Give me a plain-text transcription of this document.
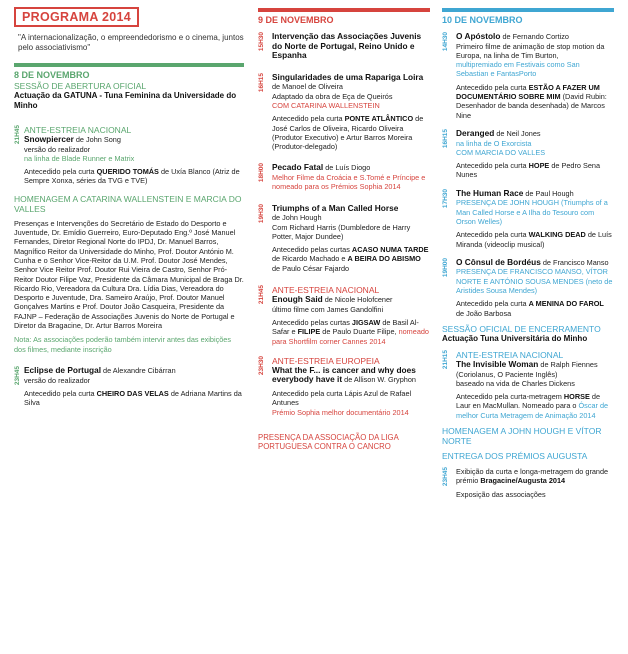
PROGRAMA 2014
"A internacionalização, o empreendedorismo e o cinema, juntos pelo associativismo"
8 DE NOVEMBRO
SESSÃO DE ABERTURA OFICIAL
Actuação da GATUNA - Tuna Feminina da Universidade do Minho
21H45 ANTE-ESTREIA NACIONAL
Snowpiercer de John Song
versão do realizador
na linha de Blade Runner e Matrix
Antecedido pela curta QUERIDO TOMÁS de Uxía Blanco (Atriz de Sempre Xonxa, séries da TVG e TVE)
HOMENAGEM A CATARINA WALLENSTEIN E MARCIA DO VALLES
Presenças e Intervenções do Secretário de Estado do Desporto e Juventude, Dr. Emídio Guerreiro, Euro-Deputado Eng.º José Manuel Fernandes, Diretor Regional Norte do IPDJ, Dr. Manuel Barros, Magnífico Reitor da Universidade do Minho, Prof. Doutor António M. Cunha e o Senhor Vice-Reitor da U.M. Prof. Doutor José Mendes, Senhor Vice Reitor Prof. Doutor Rui Vieira de Castro, Senhor Pró-Reitor Doutor Filipe Vaz, Presidente da Câmara Municipal de Braga Dr. Ricardo Rio, Vereadora da Cultura Dra. Lídia Dias, Vereadora do Desporto e Juventude, Dra. Sameiro Araújo, Prof. Doutor Manuel Gonçalves Martins e Prof. Doutor João Casqueira, Presidente da FAJNP – Federação de Associações Juvenis do Norte de Portugal e Diretor da Bragacine, Dr. Artur Barros Moreira
Nota: As associações poderão também intervir antes das exibições dos filmes, mediante inscrição
23H45 Eclipse de Portugal de Alexandre Cibárran
versão do realizador
Antecedido pela curta CHEIRO DAS VELAS de Adriana Martins da Silva
9 DE NOVEMBRO
15H30 Intervenção das Associações Juvenis do Norte de Portugal, Reino Unido e Espanha
16H15 Singularidades de uma Rapariga Loira
de Manoel de Oliveira
Adaptado da obra de Eça de Queirós
COM CATARINA WALLENSTEIN
Antecedido pela curta PONTE ATLÂNTICO de José Carlos de Oliveira, Ricardo Oliveira (Produtor Executivo) e Artur Barros Moreira (Produtor-delegado)
18H00 Pecado Fatal de Luís Diogo
Melhor Filme da Croácia e S.Tomé e Príncipe e nomeado para os Prémios Sophia 2014
19H30 Triumphs of a Man Called Horse
de John Hough
Com Richard Harris (Dumbledore de Harry Potter, Major Dundee)
Antecedido pelas curtas ACASO NUMA TARDE de Ricardo Machado e A BEIRA DO ABISMO de Paulo César Fajardo
21H45 ANTE-ESTREIA NACIONAL
Enough Said de Nicole Holofcener
último filme com James Gandolfini
Antecedido pelas curtas JIGSAW de Basil Al-Safar e FILIPE de Paulo Duarte Filipe, nomeado para Shortfilm corner Cannes 2014
23H30 ANTE-ESTREIA EUROPEIA
What the F... is cancer and why does everybody have it de Allison W. Gryphon
Antecedido pela curta Lápis Azul de Rafael Antunes
Prémio Sophia melhor documentário 2014
PRESENÇA DA ASSOCIAÇÃO DA LIGA PORTUGUESA CONTRA O CANCRO
10 DE NOVEMBRO
14H30 O Apóstolo de Fernando Cortizo
Primeiro filme de animação de stop motion da Europa, na linha de Tim Burton,
multipremiado em Festivais como San Sebastian e FantasPorto
Antecedido pela curta ESTÃO A FAZER UM DOCUMENTÁRIO SOBRE MIM (David Rubin: Desenhador de banda desenhada) de Marcos Nine
16H15 Deranged de Neil Jones
na linha de O Exorcista
COM MARCIA DO VALLES
Antecedido pela curta HOPE de Pedro Sena Nunes
17H30 The Human Race de Paul Hough
PRESENÇA DE JOHN HOUGH (Triumphs of a Man Called Horse e A Ilha do Tesouro com Orson Welles)
Antecedido pela curta WALKING DEAD de Luís Miranda (videoclip musical)
19H00 O Cônsul de Bordéus de Francisco Manso
PRESENÇA DE FRANCISCO MANSO, VÍTOR NORTE E ANTÓNIO SOUSA MENDES (neto de Aristides Sousa Mendes)
Antecedido pela curta A MENINA DO FAROL de João Barbosa
SESSÃO OFICIAL DE ENCERRAMENTO
Actuação Tuna Universitária do Minho
21H15 ANTE-ESTREIA NACIONAL
The Invisible Woman de Ralph Fiennes
(Coriolanus, O Paciente Inglês)
baseado na vida de Charles Dickens
Antecedido pela curta-metragem HORSE de Laur en MacMullan. Nomeado para o Óscar de melhor Curta Metragem de Animação 2014
HOMENAGEM A JOHN HOUGH E VÍTOR NORTE
ENTREGA DOS PRÉMIOS AUGUSTA
23H45 Exibição da curta e longa-metragem do grande prémio Bragacine/Augusta 2014
Exposição das associações
